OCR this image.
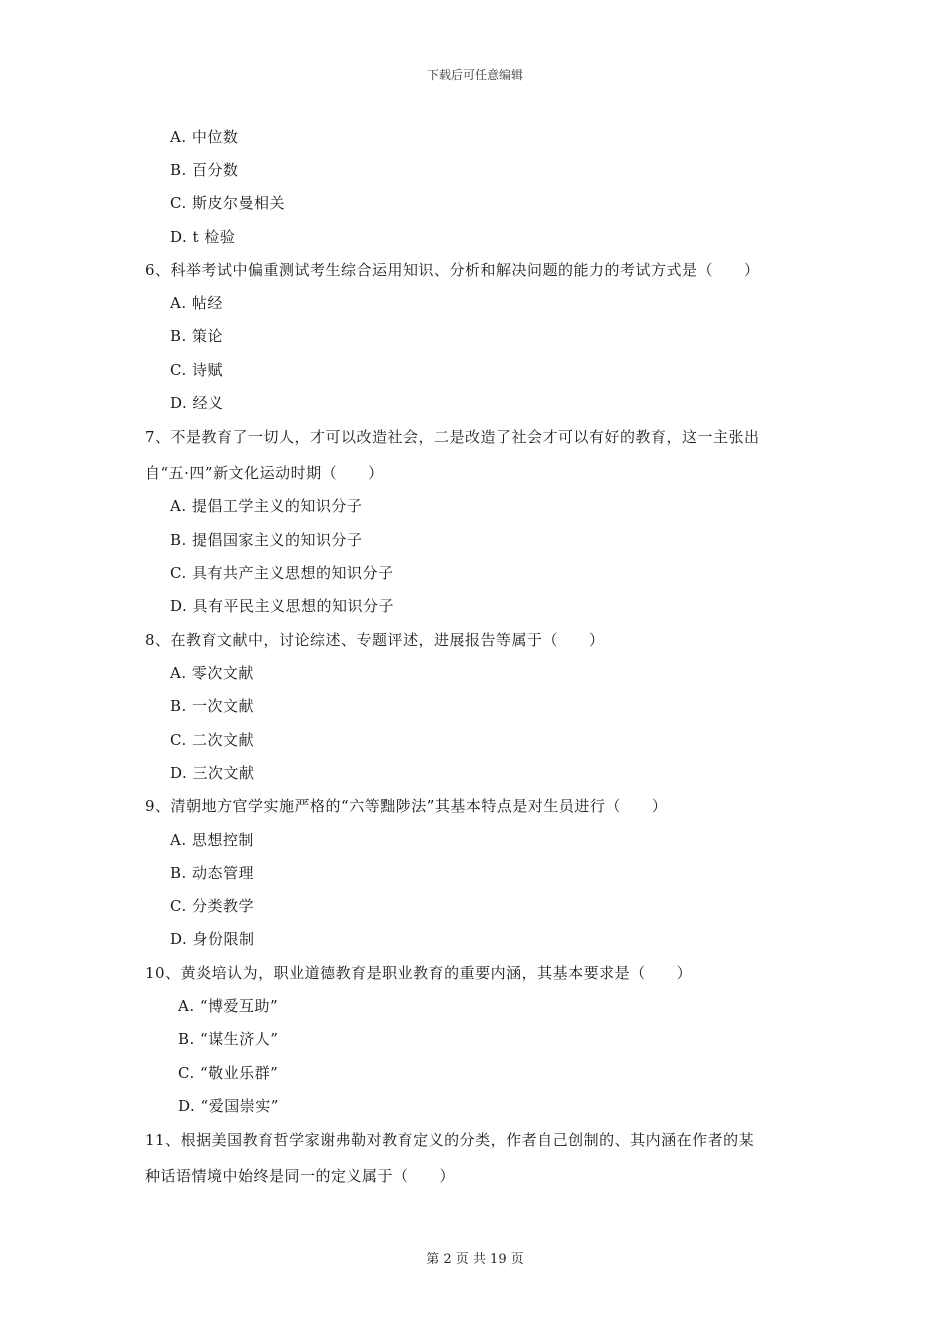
下载后可任意编辑
A. 中位数
B. 百分数
C. 斯皮尔曼相关
D. t 检验
6、科举考试中偏重测试考生综合运用知识、分析和解决问题的能力的考试方式是（　　）
A. 帖经
B. 策论
C. 诗赋
D. 经义
7、不是教育了一切人，才可以改造社会，二是改造了社会才可以有好的教育，这一主张出
自“五·四”新文化运动时期（　　）
A. 提倡工学主义的知识分子
B. 提倡国家主义的知识分子
C. 具有共产主义思想的知识分子
D. 具有平民主义思想的知识分子
8、在教育文献中，讨论综述、专题评述，进展报告等属于（　　）
A. 零次文献
B. 一次文献
C. 二次文献
D. 三次文献
9、清朝地方官学实施严格的“六等黜陟法”其基本特点是对生员进行（　　）
A. 思想控制
B. 动态管理
C. 分类教学
D. 身份限制
10、黄炎培认为，职业道德教育是职业教育的重要内涵，其基本要求是（　　）
A. “博爱互助”
B. “谋生济人”
C. “敬业乐群”
D. “爱国崇实”
11、根据美国教育哲学家谢弗勒对教育定义的分类，作者自己创制的、其内涵在作者的某
种话语情境中始终是同一的定义属于（　　）
第 2 页 共 19 页
